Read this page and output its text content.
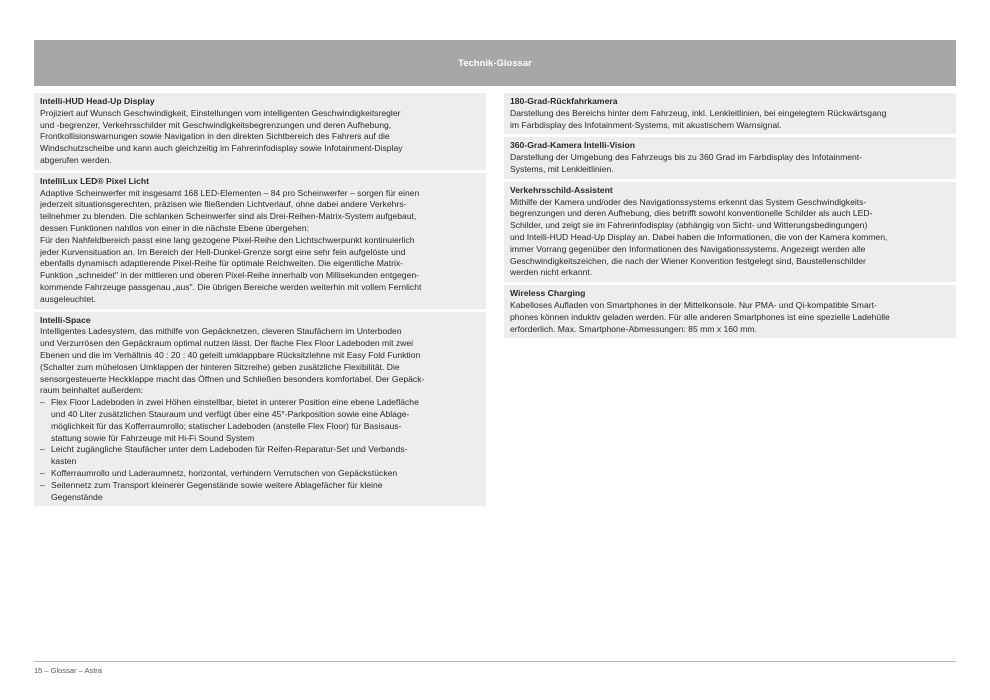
Technik-Glossar
Intelli-HUD Head-Up Display
Projiziert auf Wunsch Geschwindigkeit, Einstellungen vom intelligenten Geschwindigkeitsregler
und -begrenzer, Verkehrsschilder mit Geschwindigkeitsbegrenzungen und deren Aufhebung,
Frontkollisionswarnungen sowie Navigation in den direkten Sichtbereich des Fahrers auf die
Windschutzscheibe und kann auch gleichzeitig im Fahrerinfodisplay sowie Infotainment-Display
abgerufen werden.
IntelliLux LED® Pixel Licht
Adaptive Scheinwerfer mit insgesamt 168 LED-Elementen – 84 pro Scheinwerfer – sorgen für einen
jederzeit situationsgerechten, präzisen wie fließenden Lichtverlauf, ohne dabei andere Verkehrs-
teilnehmer zu blenden. Die schlanken Scheinwerfer sind als Drei-Reihen-Matrix-System aufgebaut,
dessen Funktionen nahtlos von einer in die nächste Ebene übergehen:
Für den Nahfeldbereich passt eine lang gezogene Pixel-Reihe den Lichtschwerpunkt kontinuierlich
jeder Kurvensituation an. Im Bereich der Hell-Dunkel-Grenze sorgt eine sehr fein aufgelöste und
ebenfalls dynamisch adaptierende Pixel-Reihe für optimale Reichweiten. Die eigentliche Matrix-
Funktion „schneidet" in der mittleren und oberen Pixel-Reihe innerhalb von Millisekunden entgegen-
kommende Fahrzeuge passgenau „aus". Die übrigen Bereiche werden weiterhin mit vollem Fernlicht
ausgeleuchtet.
Intelli-Space
Intelligentes Ladesystem, das mithilfe von Gepäcknetzen, cleveren Staufächern im Unterboden
und Verzurrösen den Gepäckraum optimal nutzen lässt. Der flache Flex Floor Ladeboden mit zwei
Ebenen und die im Verhältnis 40 : 20 : 40 geteilt umklappbare Rücksitzlehne mit Easy Fold Funktion
(Schalter zum mühelosen Umklappen der hinteren Sitzreihe) geben zusätzliche Flexibilität. Die
sensorgesteuerte Heckklappe macht das Öffnen und Schließen besonders komfortabel. Der Gepäck-
raum beinhaltet außerdem:
– Flex Floor Ladeboden in zwei Höhen einstellbar, bietet in unterer Position eine ebene Ladefläche
und 40 Liter zusätzlichen Stauraum und verfügt über eine 45°-Parkposition sowie eine Ablage-
möglichkeit für das Kofferraumrollo; statischer Ladeboden (anstelle Flex Floor) für Basisaus-
stattung sowie für Fahrzeuge mit Hi-Fi Sound System
– Leicht zugängliche Staufächer unter dem Ladeboden für Reifen-Reparatur-Set und Verbands-
kasten
– Kofferraumrollo und Laderaumnetz, horizontal, verhindern Verrutschen von Gepäckstücken
– Seitennetz zum Transport kleinerer Gegenstände sowie weitere Ablagefächer für kleine
Gegenstände
180-Grad-Rückfahrkamera
Darstellung des Bereichs hinter dem Fahrzeug, inkl. Lenkleitlinien, bei eingelegtem Rückwärtsgang
im Farbdisplay des Infotainment-Systems, mit akustischem Warnsignal.
360-Grad-Kamera Intelli-Vision
Darstellung der Umgebung des Fahrzeugs bis zu 360 Grad im Farbdisplay des Infotainment-
Systems, mit Lenkleitlinien.
Verkehrsschild-Assistent
Mithilfe der Kamera und/oder des Navigationssystems erkennt das System Geschwindigkeits-
begrenzungen und deren Aufhebung, dies betrifft sowohl konventionelle Schilder als auch LED-
Schilder, und zeigt sie im Fahrerinfodisplay (abhängig von Sicht- und Witterungsbedingungen)
und Intelli-HUD Head-Up Display an. Dabei haben die Informationen, die von der Kamera kommen,
immer Vorrang gegenüber den Informationen des Navigationssystems. Angezeigt werden alle
Geschwindigkeitszeichen, die nach der Wiener Konvention festgelegt sind, Baustellenschilder
werden nicht erkannt.
Wireless Charging
Kabelloses Aufladen von Smartphones in der Mittelkonsole. Nur PMA- und Qi-kompatible Smart-
phones können induktiv geladen werden. Für alle anderen Smartphones ist eine spezielle Ladehülle
erforderlich. Max. Smartphone-Abmessungen: 85 mm x 160 mm.
15 – Glossar – Astra
